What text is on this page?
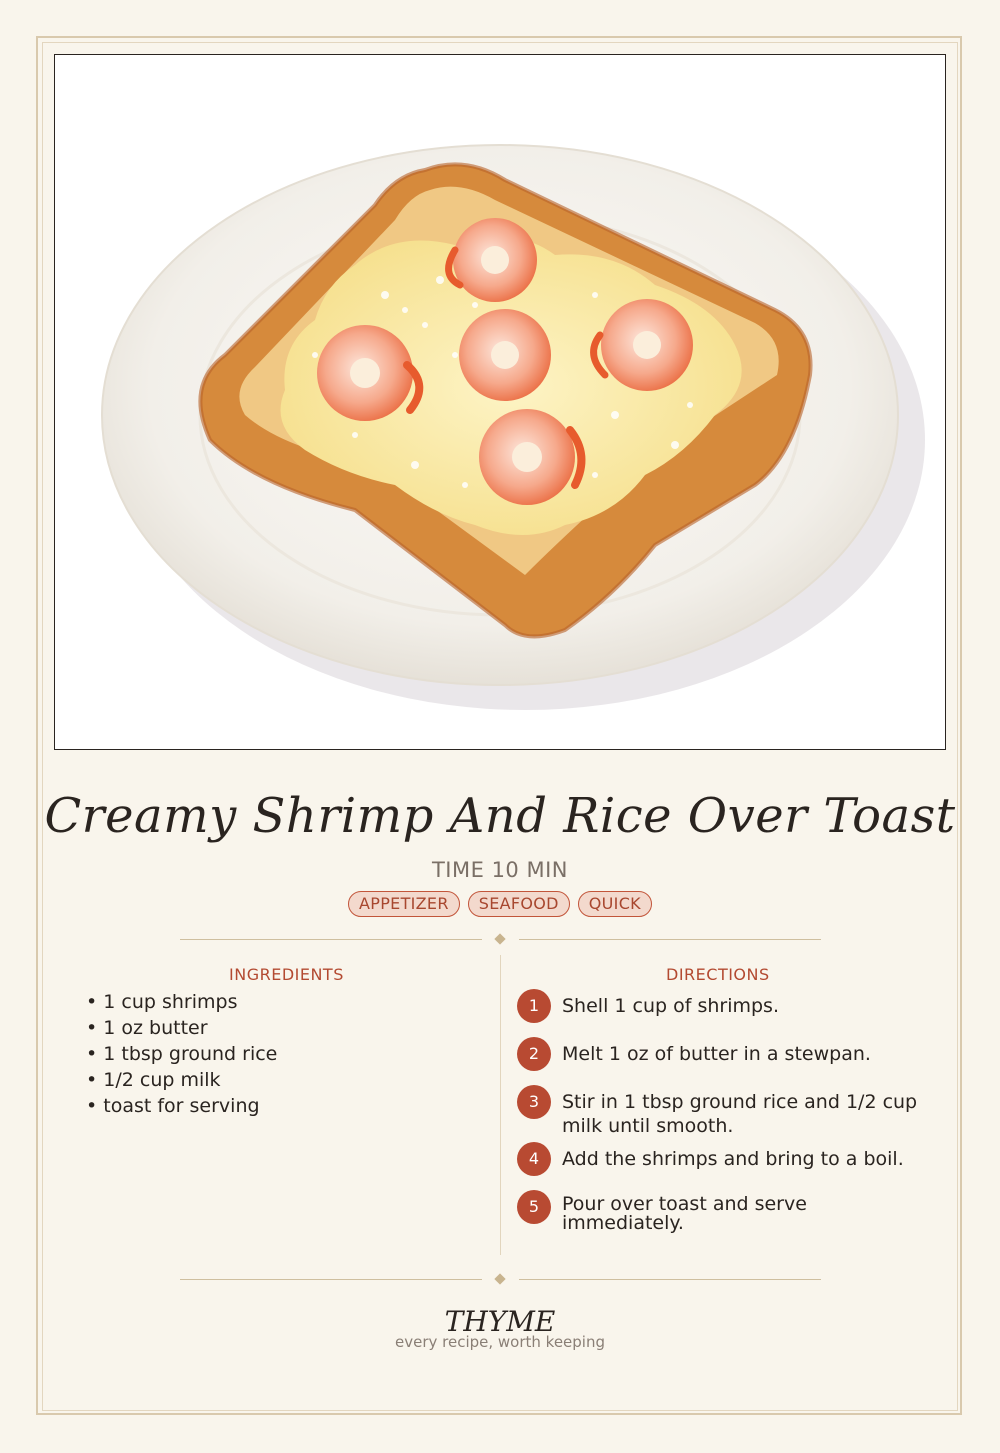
Creamy Shrimp And Rice Over Toast
TIME 10 MIN
APPETIZER	SEAFOOD	QUICK
INGREDIENTS
• 1 cup shrimps
• 1 oz butter
• 1 tbsp ground rice
• 1/2 cup milk
• toast for serving
DIRECTIONS
1	Shell 1 cup of shrimps.
2	Melt 1 oz of butter in a stewpan.
3	Stir in 1 tbsp ground rice and 1/2 cup milk until smooth.
4	Add the shrimps and bring to a boil.
5	Pour over toast and serve immediately.
THYME
every recipe, worth keeping
